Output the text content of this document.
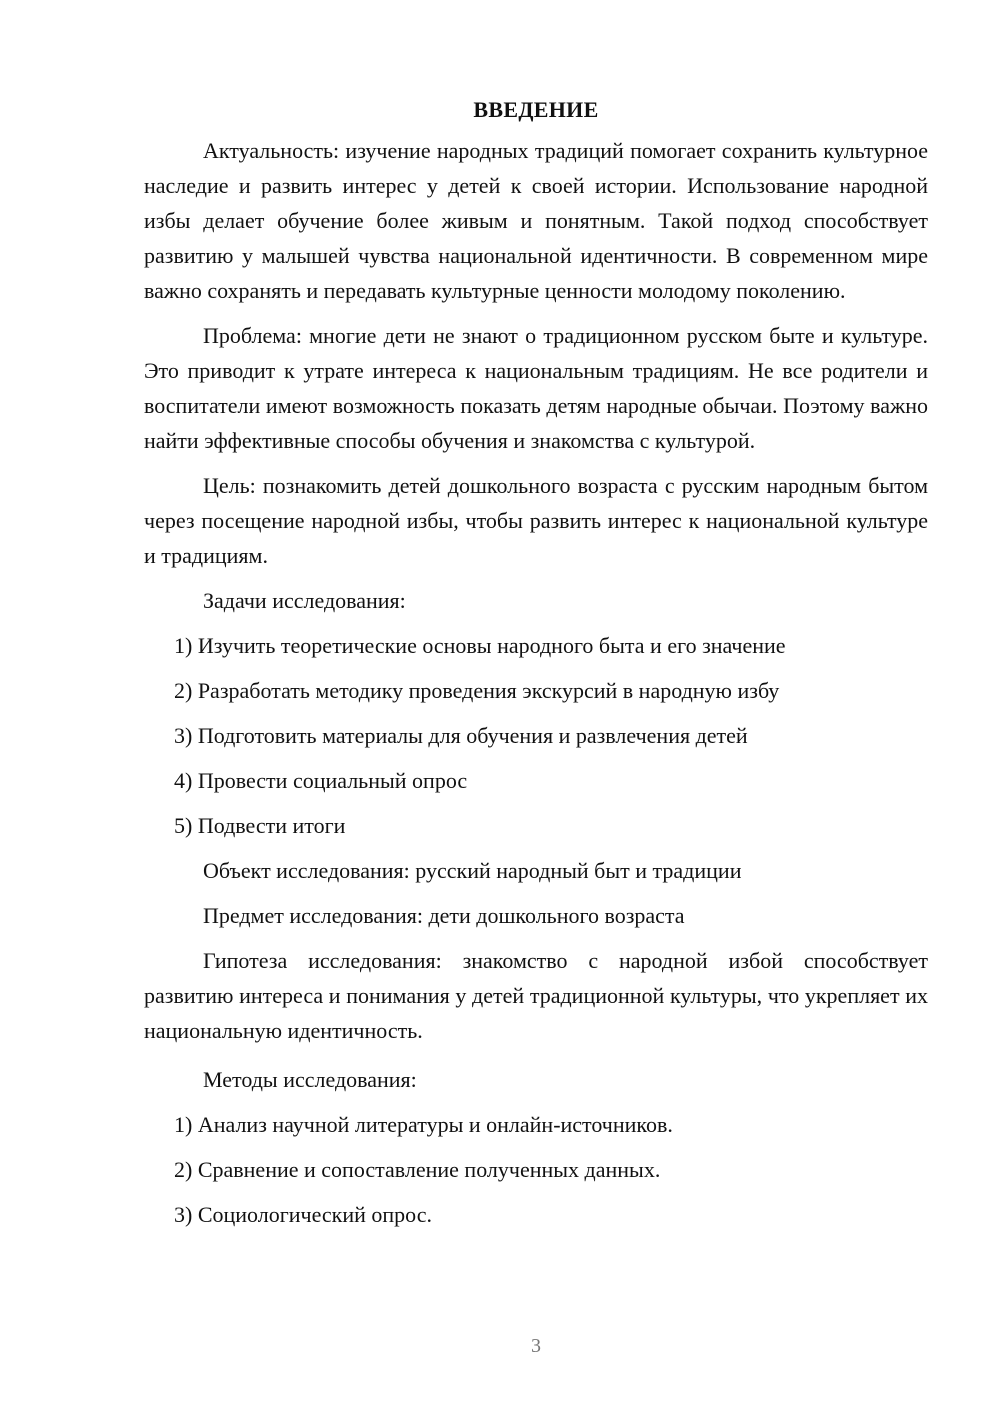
ВВЕДЕНИЕ

Актуальность: изучение народных традиций помогает сохранить культурное наследие и развить интерес у детей к своей истории. Использование народной избы делает обучение более живым и понятным. Такой подход способствует развитию у малышей чувства национальной идентичности. В современном мире важно сохранять и передавать культурные ценности молодому поколению.

Проблема: многие дети не знают о традиционном русском быте и культуре. Это приводит к утрате интереса к национальным традициям. Не все родители и воспитатели имеют возможность показать детям народные обычаи. Поэтому важно найти эффективные способы обучения и знакомства с культурой.

Цель: познакомить детей дошкольного возраста с русским народным бытом через посещение народной избы, чтобы развить интерес к национальной культуре и традициям.

Задачи исследования:

1) Изучить теоретические основы народного быта и его значение
2) Разработать методику проведения экскурсий в народную избу
3) Подготовить материалы для обучения и развлечения детей
4) Провести социальный опрос
5) Подвести итоги

Объект исследования: русский народный быт и традиции

Предмет исследования: дети дошкольного возраста

Гипотеза исследования: знакомство с народной избой способствует развитию интереса и понимания у детей традиционной культуры, что укрепляет их национальную идентичность.

Методы исследования:

1) Анализ научной литературы и онлайн-источников.
2) Сравнение и сопоставление полученных данных.
3) Социологический опрос.
3
